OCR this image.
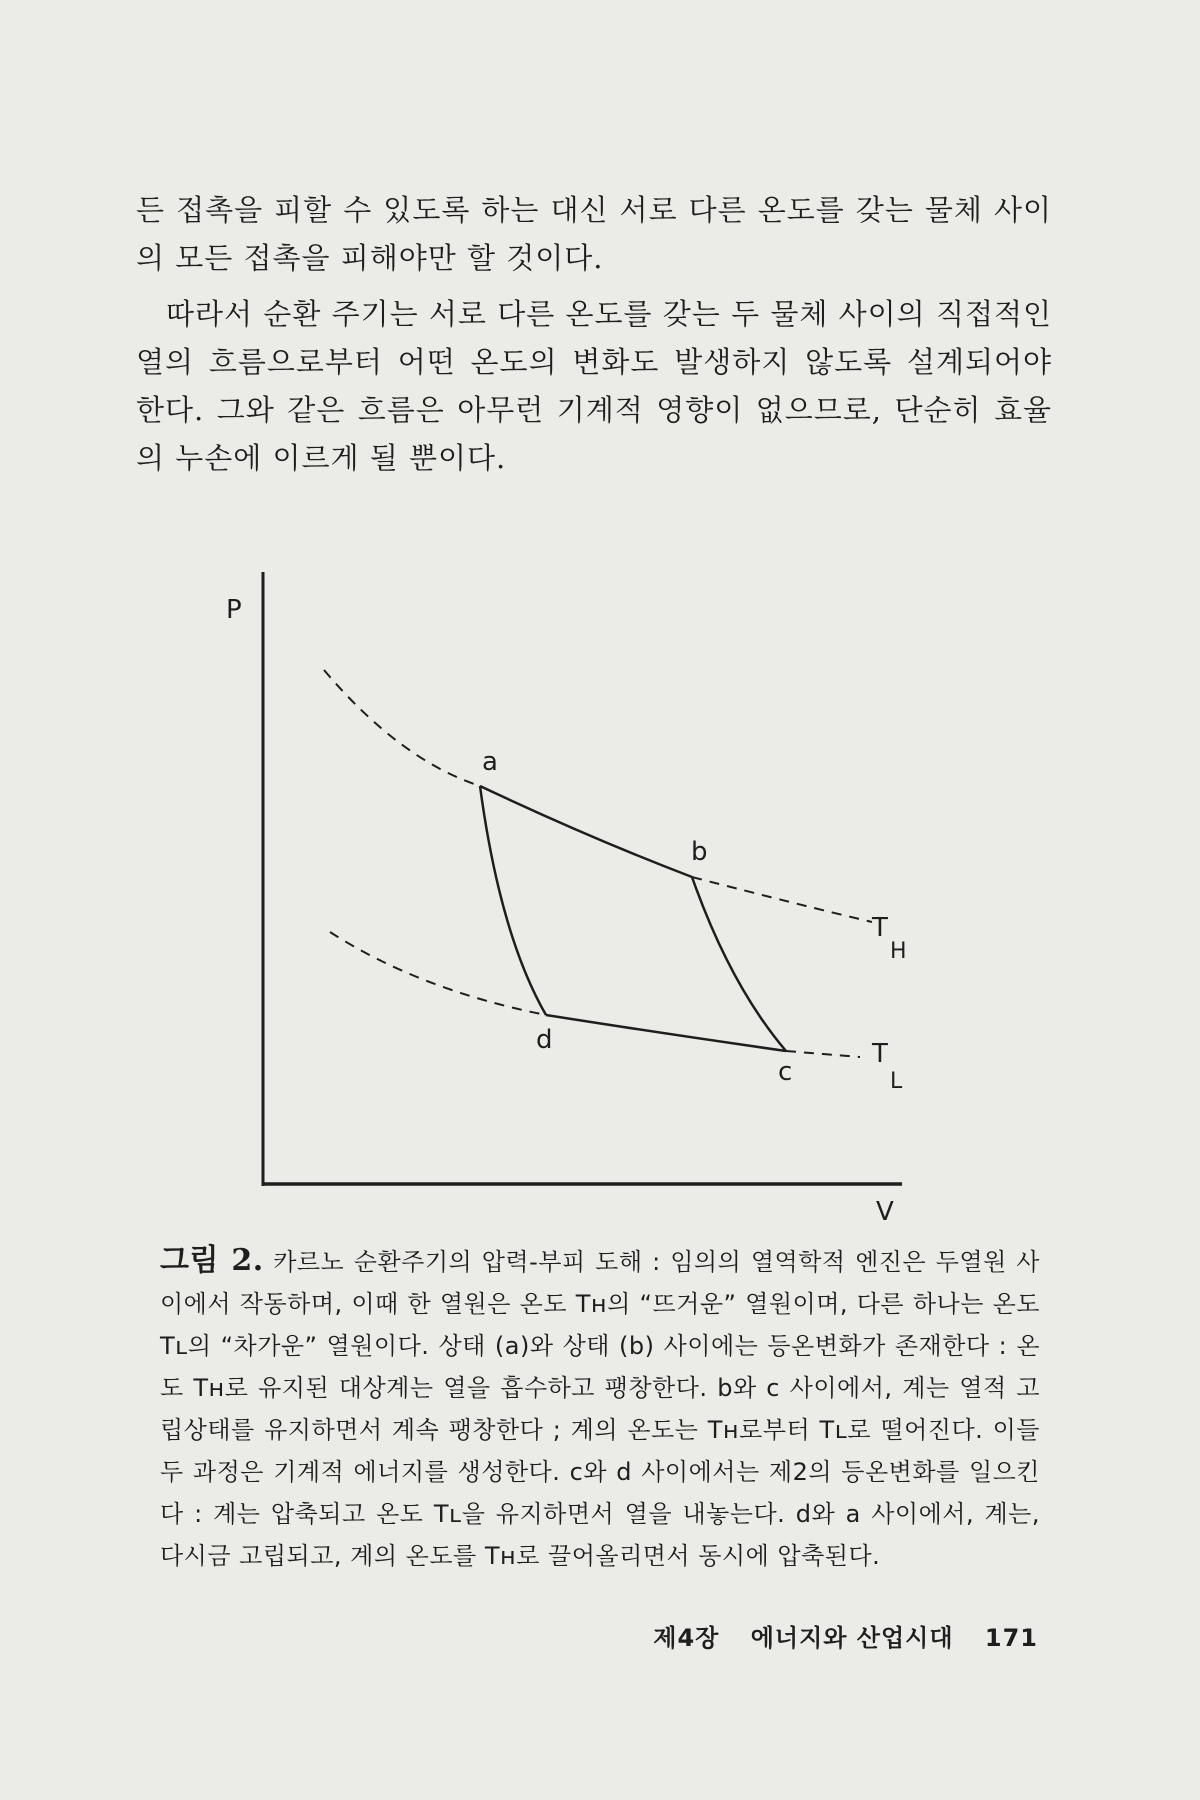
든 접촉을 피할 수 있도록 하는 대신 서로 다른 온도를 갖는 물체 사이의 모든 접촉을 피해야만 할 것이다.

따라서 순환 주기는 서로 다른 온도를 갖는 두 물체 사이의 직접적인 열의 흐름으로부터 어떤 온도의 변화도 발생하지 않도록 설계되어야 한다. 그와 같은 흐름은 아무런 기계적 영향이 없으므로, 단순히 효율의 누손에 이르게 될 뿐이다.

P
V
a
b
c
d
T
H
T
L
그림 2. 카르노 순환주기의 압력-부피 도해 : 임의의 열역학적 엔진은 두열원 사이에서 작동하며, 이때 한 열원은 온도 Tʜ의 “뜨거운” 열원이며, 다른 하나는 온도 Tʟ의 “차가운” 열원이다. 상태 (a)와 상태 (b) 사이에는 등온변화가 존재한다 : 온도 Tʜ로 유지된 대상계는 열을 흡수하고 팽창한다. b와 c 사이에서, 계는 열적 고립상태를 유지하면서 계속 팽창한다 ; 계의 온도는 Tʜ로부터 Tʟ로 떨어진다. 이들 두 과정은 기계적 에너지를 생성한다. c와 d 사이에서는 제2의 등온변화를 일으킨다 : 계는 압축되고 온도 Tʟ을 유지하면서 열을 내놓는다. d와 a 사이에서, 계는, 다시금 고립되고, 계의 온도를 Tʜ로 끌어올리면서 동시에 압축된다.
제4장 에너지와 산업시대 171
